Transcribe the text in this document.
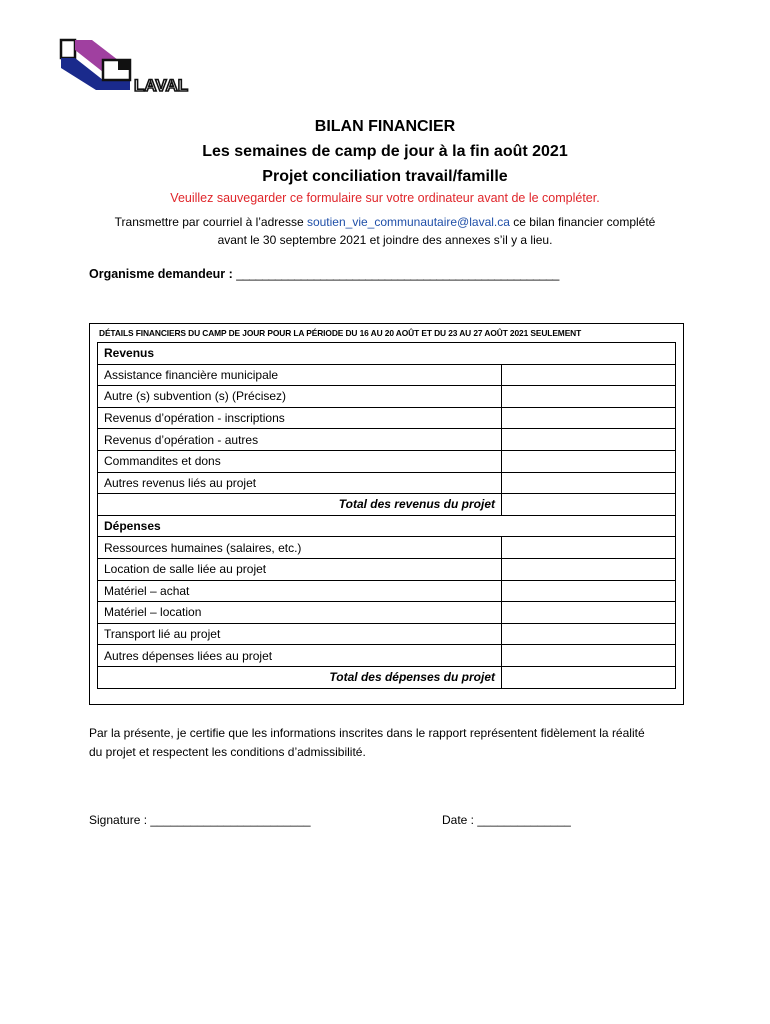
LAVAL
BILAN FINANCIER
Les semaines de camp de jour à la fin août 2021
Projet conciliation travail/famille
Veuillez sauvegarder ce formulaire sur votre ordinateur avant de le compléter.
Transmettre par courriel à l’adresse soutien_vie_communautaire@laval.ca ce bilan financier complété
avant le 30 septembre 2021 et joindre des annexes s’il y a lieu.
Organisme demandeur : __________________________________________________
DÉTAILS FINANCIERS DU CAMP DE JOUR POUR LA PÉRIODE DU 16 AU 20 AOÛT ET DU 23 AU 27 AOÛT 2021 SEULEMENT
Revenus	
Assistance financière municipale	
Autre (s) subvention (s) (Précisez)	
Revenus d’opération - inscriptions	
Revenus d’opération - autres	
Commandites et dons	
Autres revenus liés au projet	
Total des revenus du projet	
Dépenses	
Ressources humaines (salaires, etc.)	
Location de salle liée au projet	
Matériel – achat	
Matériel – location	
Transport lié au projet	
Autres dépenses liées au projet	
Total des dépenses du projet	
Par la présente, je certifie que les informations inscrites dans le rapport représentent fidèlement la réalité
du projet et respectent les conditions d’admissibilité.
Signature : ________________________	Date : ______________
